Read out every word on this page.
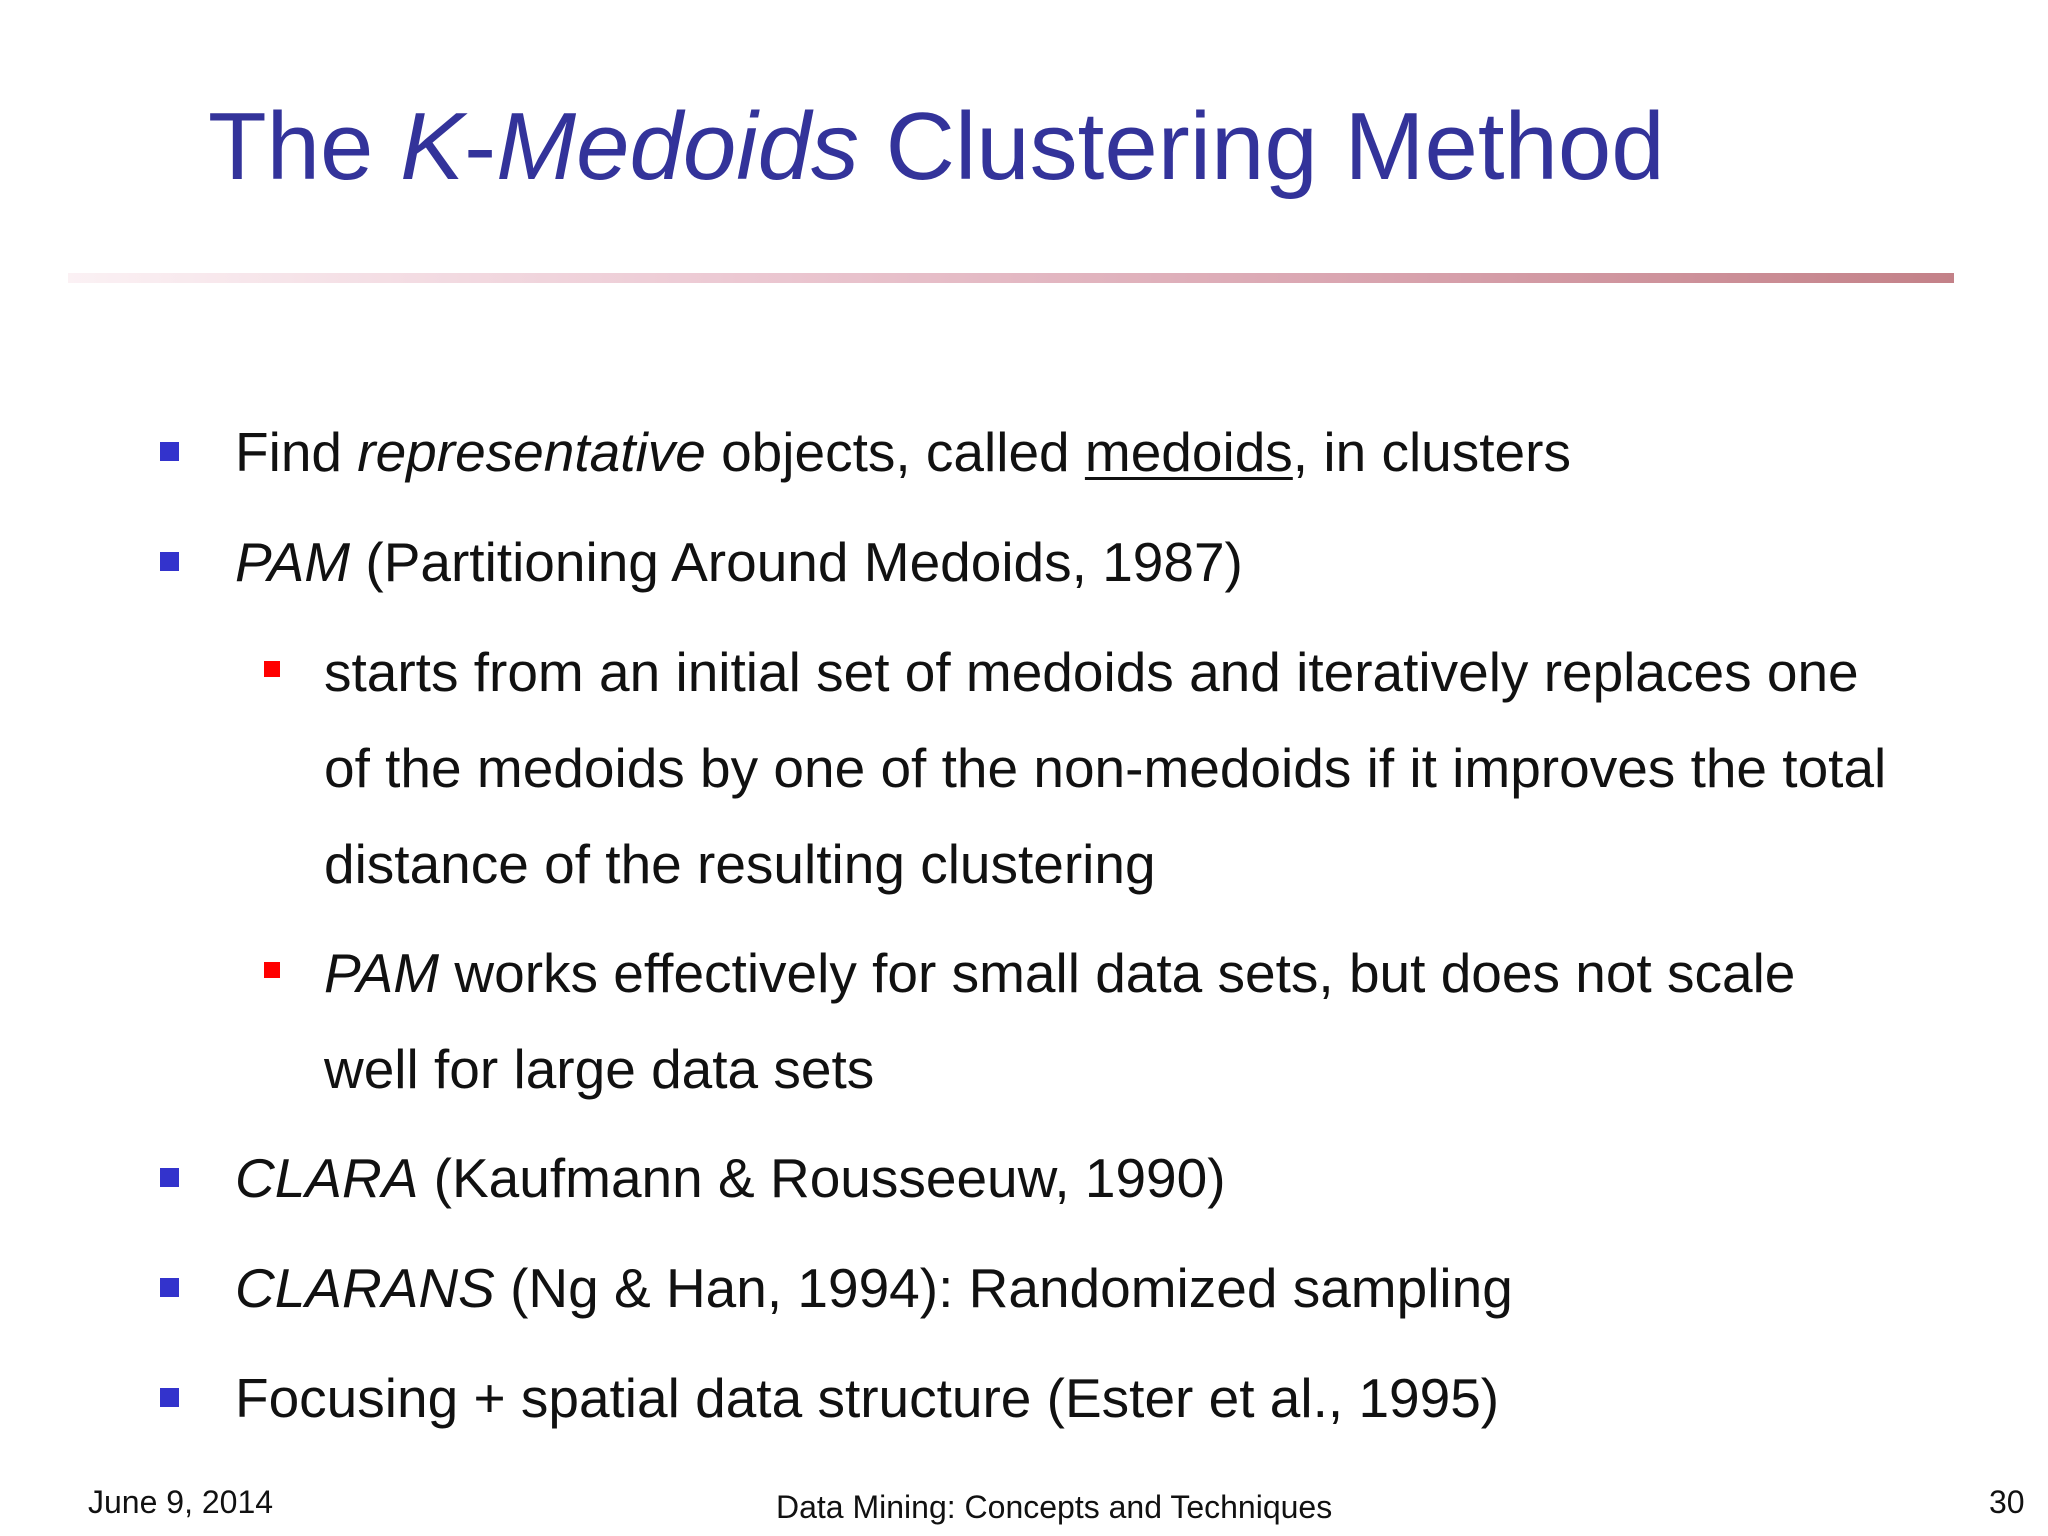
The K-Medoids Clustering Method
Find representative objects, called medoids, in clusters
PAM (Partitioning Around Medoids, 1987)
starts from an initial set of medoids and iteratively replaces one
of the medoids by one of the non-medoids if it improves the total
distance of the resulting clustering
PAM works effectively for small data sets, but does not scale
well for large data sets
CLARA (Kaufmann & Rousseeuw, 1990)
CLARANS (Ng & Han, 1994): Randomized sampling
Focusing + spatial data structure (Ester et al., 1995)
June 9, 2014	Data Mining: Concepts and Techniques	30
